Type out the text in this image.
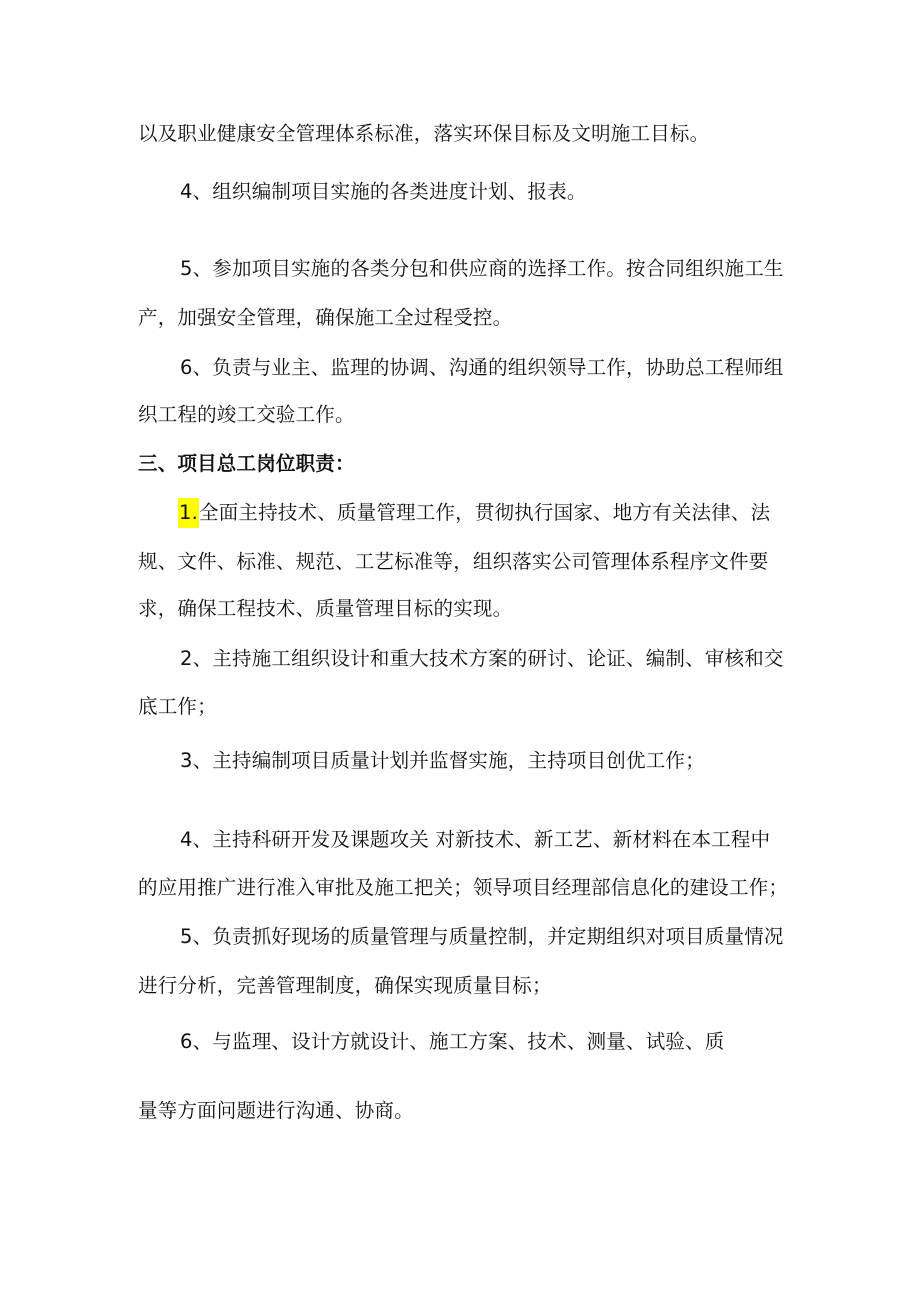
以及职业健康安全管理体系标准，落实环保目标及文明施工目标。
4、组织编制项目实施的各类进度计划、报表。
5、参加项目实施的各类分包和供应商的选择工作。按合同组织施工生
产，加强安全管理，确保施工全过程受控。
6、负责与业主、监理的协调、沟通的组织领导工作，协助总工程师组
织工程的竣工交验工作。
三、项目总工岗位职责：
1.全面主持技术、质量管理工作，贯彻执行国家、地方有关法律、法
规、文件、标准、规范、工艺标准等，组织落实公司管理体系程序文件要
求，确保工程技术、质量管理目标的实现。
2、主持施工组织设计和重大技术方案的研讨、论证、编制、审核和交
底工作；
3、主持编制项目质量计划并监督实施，主持项目创优工作；
4、主持科研开发及课题攻关 对新技术、新工艺、新材料在本工程中
的应用推广进行准入审批及施工把关；领导项目经理部信息化的建设工作；
5、负责抓好现场的质量管理与质量控制，并定期组织对项目质量情况
进行分析，完善管理制度，确保实现质量目标；
6、与监理、设计方就设计、施工方案、技术、测量、试验、质
量等方面问题进行沟通、协商。
